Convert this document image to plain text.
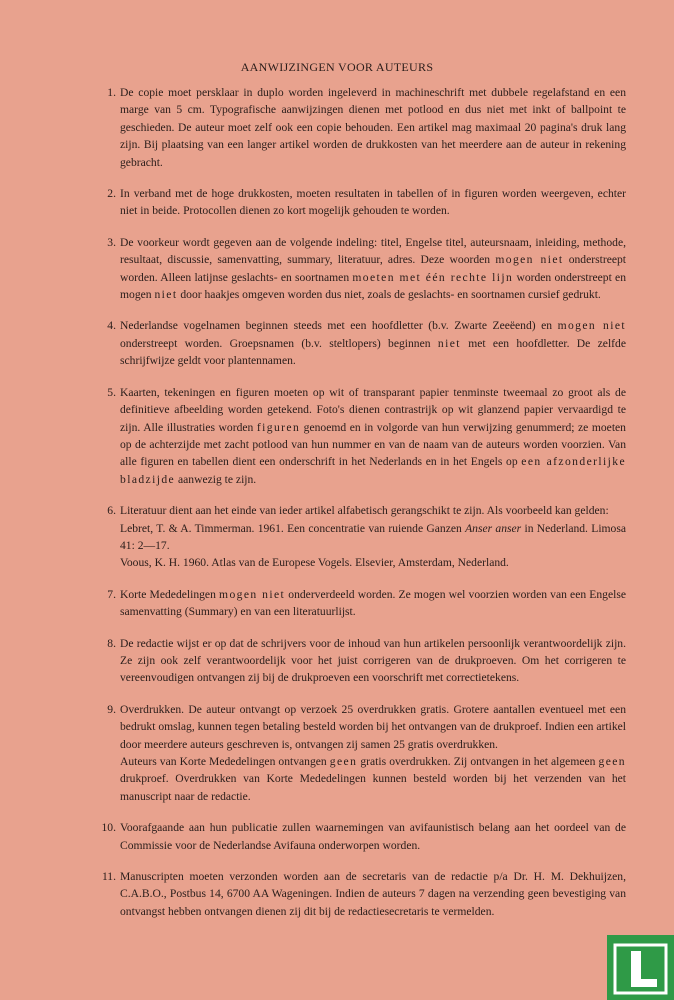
AANWIJZINGEN VOOR AUTEURS
1. De copie moet persklaar in duplo worden ingeleverd in machineschrift met dubbele regelafstand en een marge van 5 cm. Typografische aanwijzingen dienen met potlood en dus niet met inkt of ballpoint te geschieden. De auteur moet zelf ook een copie behouden. Een artikel mag maximaal 20 pagina's druk lang zijn. Bij plaatsing van een langer artikel worden de drukkosten van het meerdere aan de auteur in rekening gebracht.
2. In verband met de hoge drukkosten, moeten resultaten in tabellen of in figuren worden weergeven, echter niet in beide. Protocollen dienen zo kort mogelijk gehouden te worden.
3. De voorkeur wordt gegeven aan de volgende indeling: titel, Engelse titel, auteursnaam, inleiding, methode, resultaat, discussie, samenvatting, summary, literatuur, adres. Deze woorden mogen niet onderstreept worden. Alleen latijnse geslachts- en soortnamen moeten met één rechte lijn worden onderstreept en mogen niet door haakjes omgeven worden dus niet, zoals de geslachts- en soortnamen cursief gedrukt.
4. Nederlandse vogelnamen beginnen steeds met een hoofdletter (b.v. Zwarte Zeeëend) en mogen niet onderstreept worden. Groepsnamen (b.v. steltlopers) beginnen niet met een hoofdletter. De zelfde schrijfwijze geldt voor plantennamen.
5. Kaarten, tekeningen en figuren moeten op wit of transparant papier tenminste tweemaal zo groot als de definitieve afbeelding worden getekend. Foto's dienen contrastrijk op wit glanzend papier vervaardigd te zijn. Alle illustraties worden figuren genoemd en in volgorde van hun verwijzing genummerd; ze moeten op de achterzijde met zacht potlood van hun nummer en van de naam van de auteurs worden voorzien. Van alle figuren en tabellen dient een onderschrift in het Nederlands en in het Engels op een afzonderlijke bladzijde aanwezig te zijn.
6. Literatuur dient aan het einde van ieder artikel alfabetisch gerangschikt te zijn. Als voorbeeld kan gelden:
Lebret, T. & A. Timmerman. 1961. Een concentratie van ruiende Ganzen Anser anser in Nederland. Limosa 41: 2—17.
Voous, K. H. 1960. Atlas van de Europese Vogels. Elsevier, Amsterdam, Nederland.
7. Korte Mededelingen mogen niet onderverdeeld worden. Ze mogen wel voorzien worden van een Engelse samenvatting (Summary) en van een literatuurlijst.
8. De redactie wijst er op dat de schrijvers voor de inhoud van hun artikelen persoonlijk verantwoordelijk zijn. Ze zijn ook zelf verantwoordelijk voor het juist corrigeren van de drukproeven. Om het corrigeren te vereenvoudigen ontvangen zij bij de drukproeven een voorschrift met correctietekens.
9. Overdrukken. De auteur ontvangt op verzoek 25 overdrukken gratis. Grotere aantallen eventueel met een bedrukt omslag, kunnen tegen betaling besteld worden bij het ontvangen van de drukproef. Indien een artikel door meerdere auteurs geschreven is, ontvangen zij samen 25 gratis overdrukken.
Auteurs van Korte Mededelingen ontvangen geen gratis overdrukken. Zij ontvangen in het algemeen geen drukproef. Overdrukken van Korte Mededelingen kunnen besteld worden bij het verzenden van het manuscript naar de redactie.
10. Voorafgaande aan hun publicatie zullen waarnemingen van avifaunistisch belang aan het oordeel van de Commissie voor de Nederlandse Avifauna onderworpen worden.
11. Manuscripten moeten verzonden worden aan de secretaris van de redactie p/a Dr. H. M. Dekhuijzen, C.A.B.O., Postbus 14, 6700 AA Wageningen. Indien de auteurs 7 dagen na verzending geen bevestiging van ontvangst hebben ontvangen dienen zij dit bij de redactiesecretaris te vermelden.
